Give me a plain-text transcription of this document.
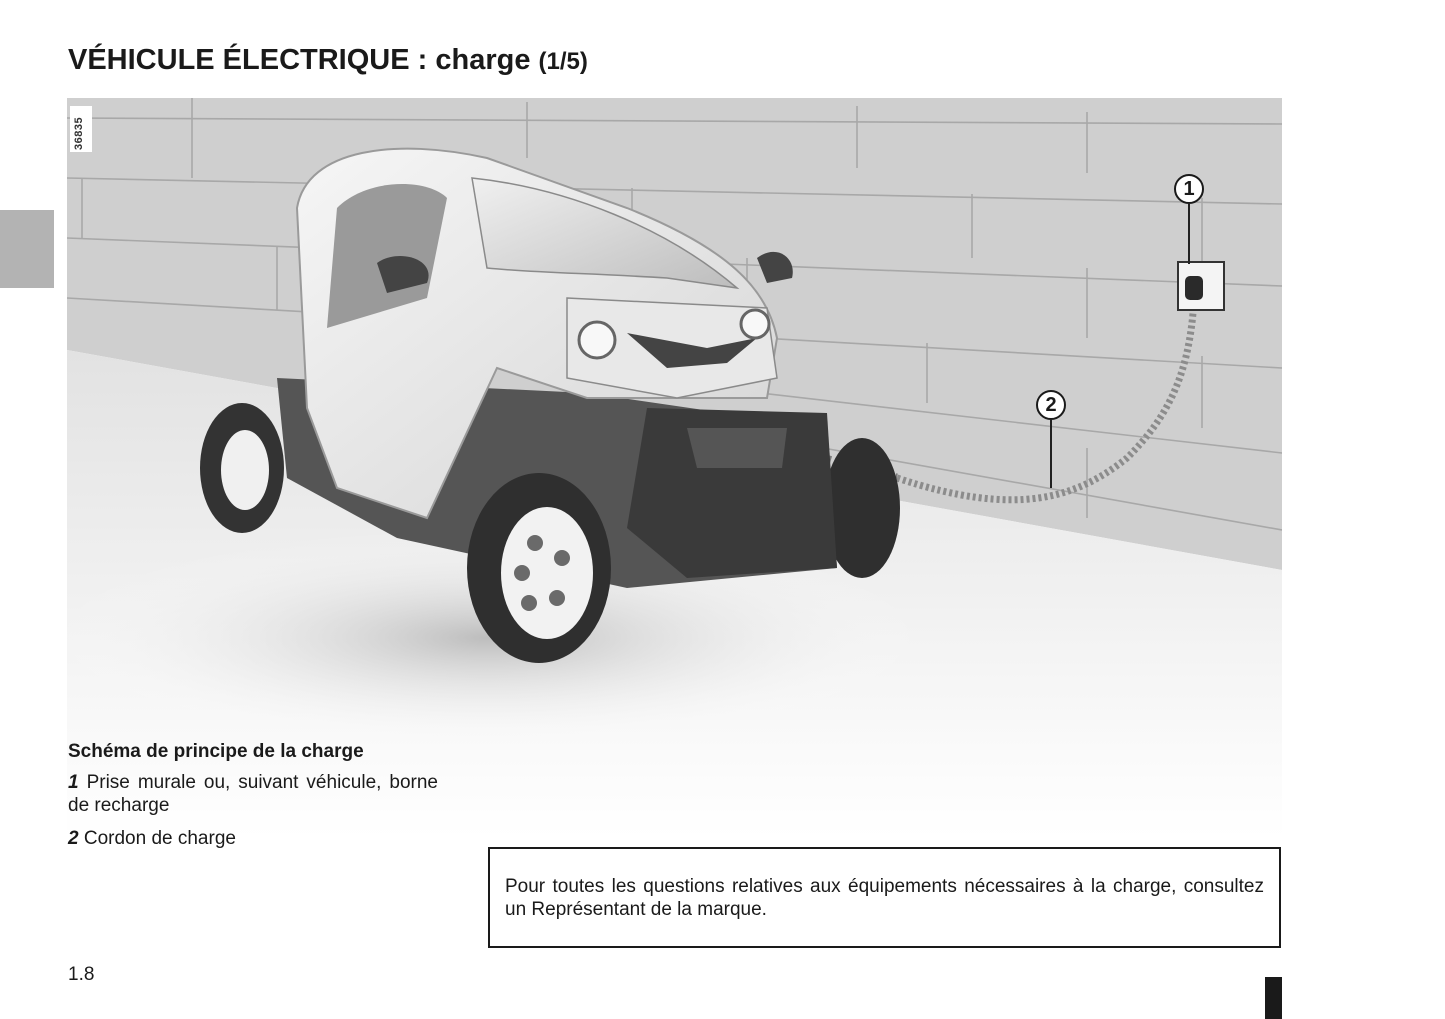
VÉHICULE ÉLECTRIQUE : charge (1/5)
1
2
36835

Schéma de principe de la charge

1 Prise murale ou, suivant véhicule, borne de recharge

2 Cordon de charge

Pour toutes les questions relatives aux équipements nécessaires à la charge, consultez un Représentant de la marque.

1.8
